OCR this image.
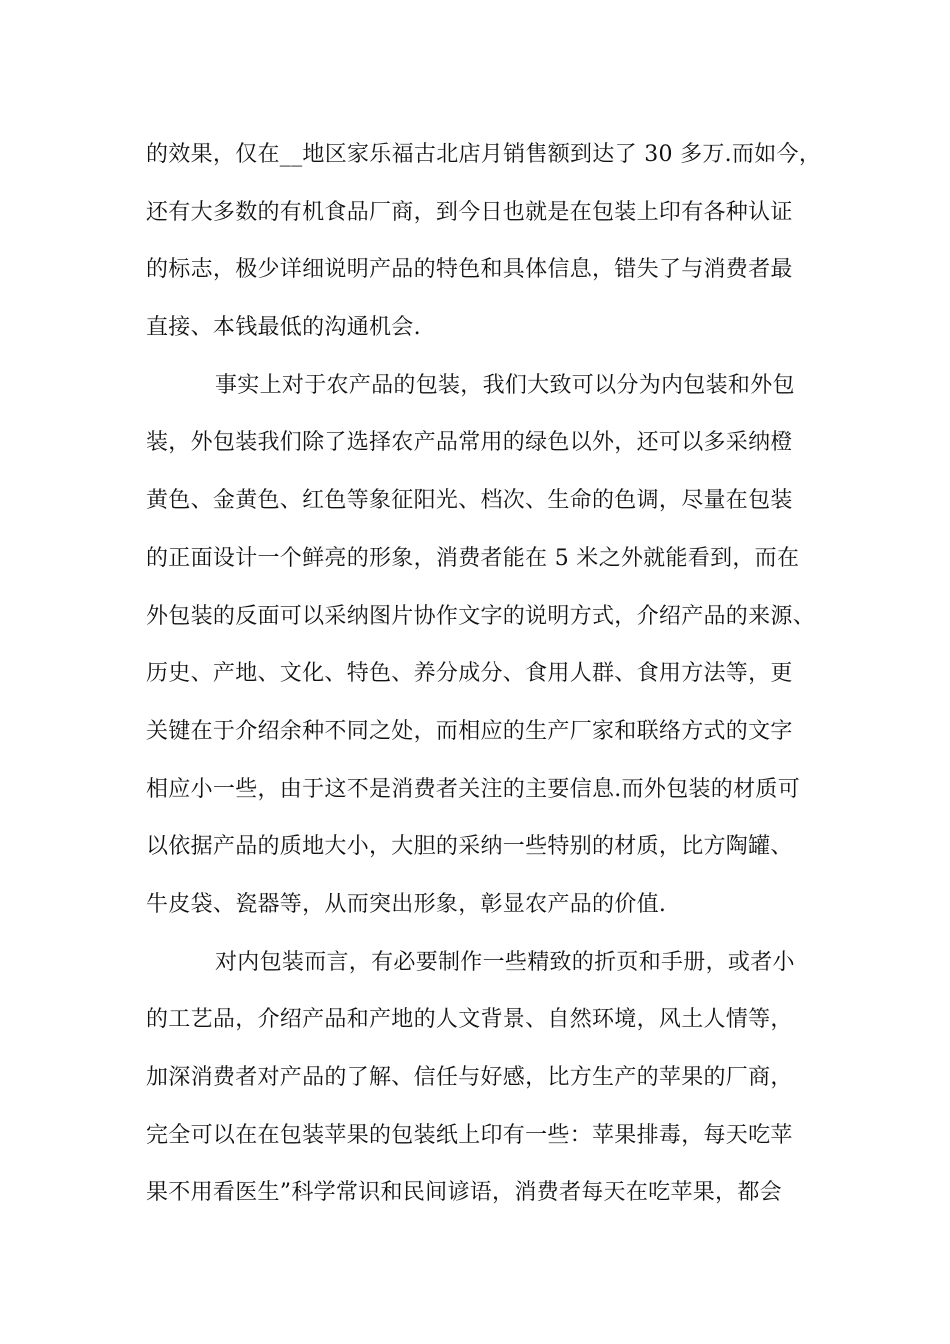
的效果，仅在__地区家乐福古北店月销售额到达了 30 多万.而如今，
还有大多数的有机食品厂商，到今日也就是在包装上印有各种认证
的标志，极少详细说明产品的特色和具体信息，错失了与消费者最
直接、本钱最低的沟通机会.
事实上对于农产品的包装，我们大致可以分为内包装和外包
装，外包装我们除了选择农产品常用的绿色以外，还可以多采纳橙
黄色、金黄色、红色等象征阳光、档次、生命的色调，尽量在包装
的正面设计一个鲜亮的形象，消费者能在 5 米之外就能看到，而在
外包装的反面可以采纳图片协作文字的说明方式，介绍产品的来源、
历史、产地、文化、特色、养分成分、食用人群、食用方法等，更
关键在于介绍余种不同之处，而相应的生产厂家和联络方式的文字
相应小一些，由于这不是消费者关注的主要信息.而外包装的材质可
以依据产品的质地大小，大胆的采纳一些特别的材质，比方陶罐、
牛皮袋、瓷器等，从而突出形象，彰显农产品的价值.
对内包装而言，有必要制作一些精致的折页和手册，或者小
的工艺品，介绍产品和产地的人文背景、自然环境，风土人情等，
加深消费者对产品的了解、信任与好感，比方生产的苹果的厂商，
完全可以在在包装苹果的包装纸上印有一些：苹果排毒，每天吃苹
果不用看医生”科学常识和民间谚语，消费者每天在吃苹果，都会
